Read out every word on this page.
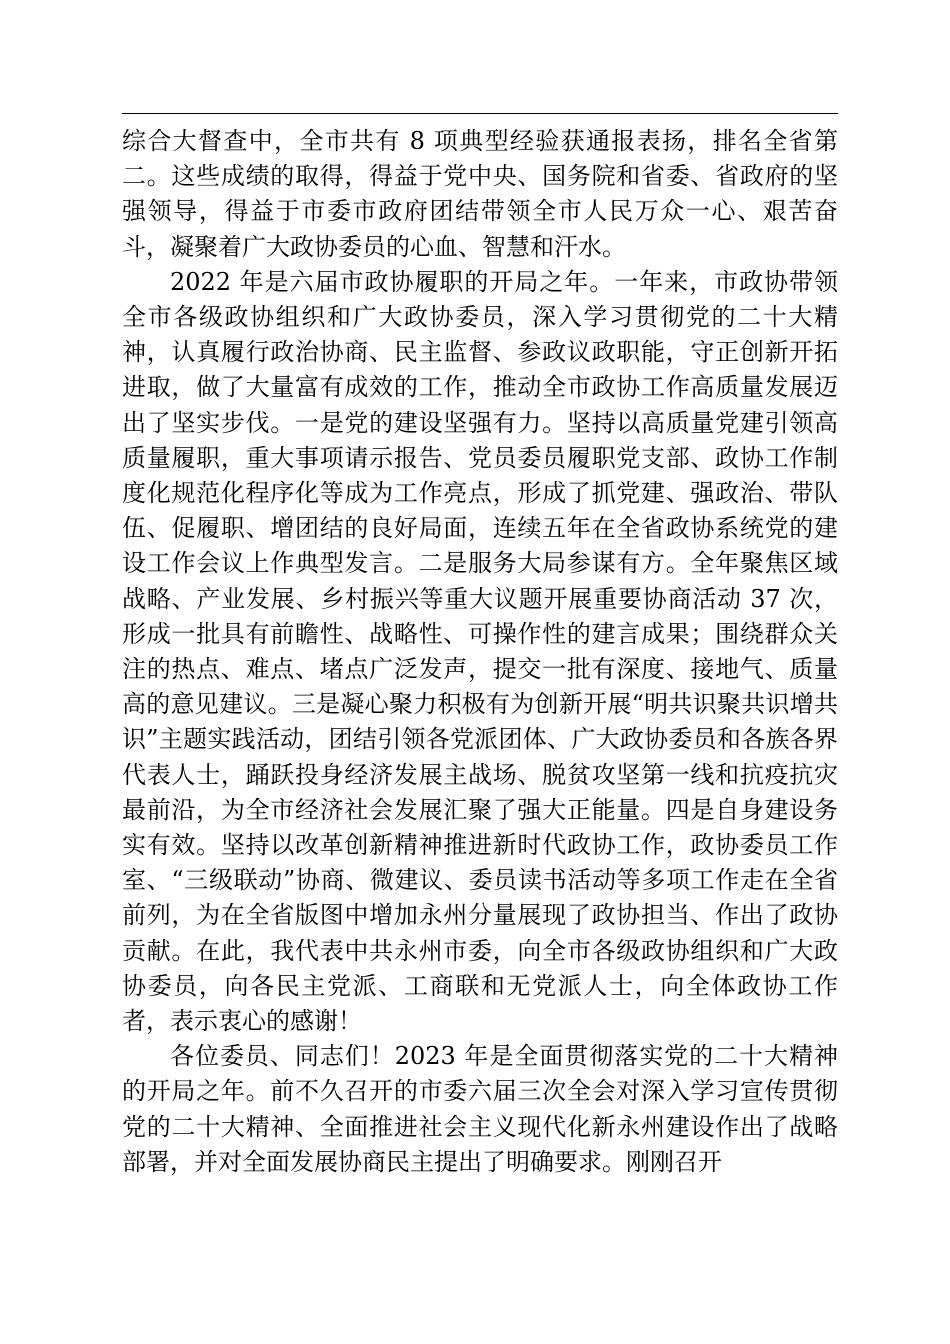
综合大督查中，全市共有 8 项典型经验获通报表扬，排名全省第二。这些成绩的取得，得益于党中央、国务院和省委、省政府的坚强领导，得益于市委市政府团结带领全市人民万众一心、艰苦奋斗，凝聚着广大政协委员的心血、智慧和汗水。

2022 年是六届市政协履职的开局之年。一年来，市政协带领全市各级政协组织和广大政协委员，深入学习贯彻党的二十大精神，认真履行政治协商、民主监督、参政议政职能，守正创新开拓进取，做了大量富有成效的工作，推动全市政协工作高质量发展迈出了坚实步伐。一是党的建设坚强有力。坚持以高质量党建引领高质量履职，重大事项请示报告、党员委员履职党支部、政协工作制度化规范化程序化等成为工作亮点，形成了抓党建、强政治、带队伍、促履职、增团结的良好局面，连续五年在全省政协系统党的建设工作会议上作典型发言。二是服务大局参谋有方。全年聚焦区域战略、产业发展、乡村振兴等重大议题开展重要协商活动 37 次，形成一批具有前瞻性、战略性、可操作性的建言成果；围绕群众关注的热点、难点、堵点广泛发声，提交一批有深度、接地气、质量高的意见建议。三是凝心聚力积极有为创新开展“明共识聚共识增共识”主题实践活动，团结引领各党派团体、广大政协委员和各族各界代表人士，踊跃投身经济发展主战场、脱贫攻坚第一线和抗疫抗灾最前沿，为全市经济社会发展汇聚了强大正能量。四是自身建设务实有效。坚持以改革创新精神推进新时代政协工作，政协委员工作室、“三级联动”协商、微建议、委员读书活动等多项工作走在全省前列，为在全省版图中增加永州分量展现了政协担当、作出了政协贡献。在此，我代表中共永州市委，向全市各级政协组织和广大政协委员，向各民主党派、工商联和无党派人士，向全体政协工作者，表示衷心的感谢！

各位委员、同志们！2023 年是全面贯彻落实党的二十大精神的开局之年。前不久召开的市委六届三次全会对深入学习宣传贯彻党的二十大精神、全面推进社会主义现代化新永州建设作出了战略部署，并对全面发展协商民主提出了明确要求。刚刚召开
